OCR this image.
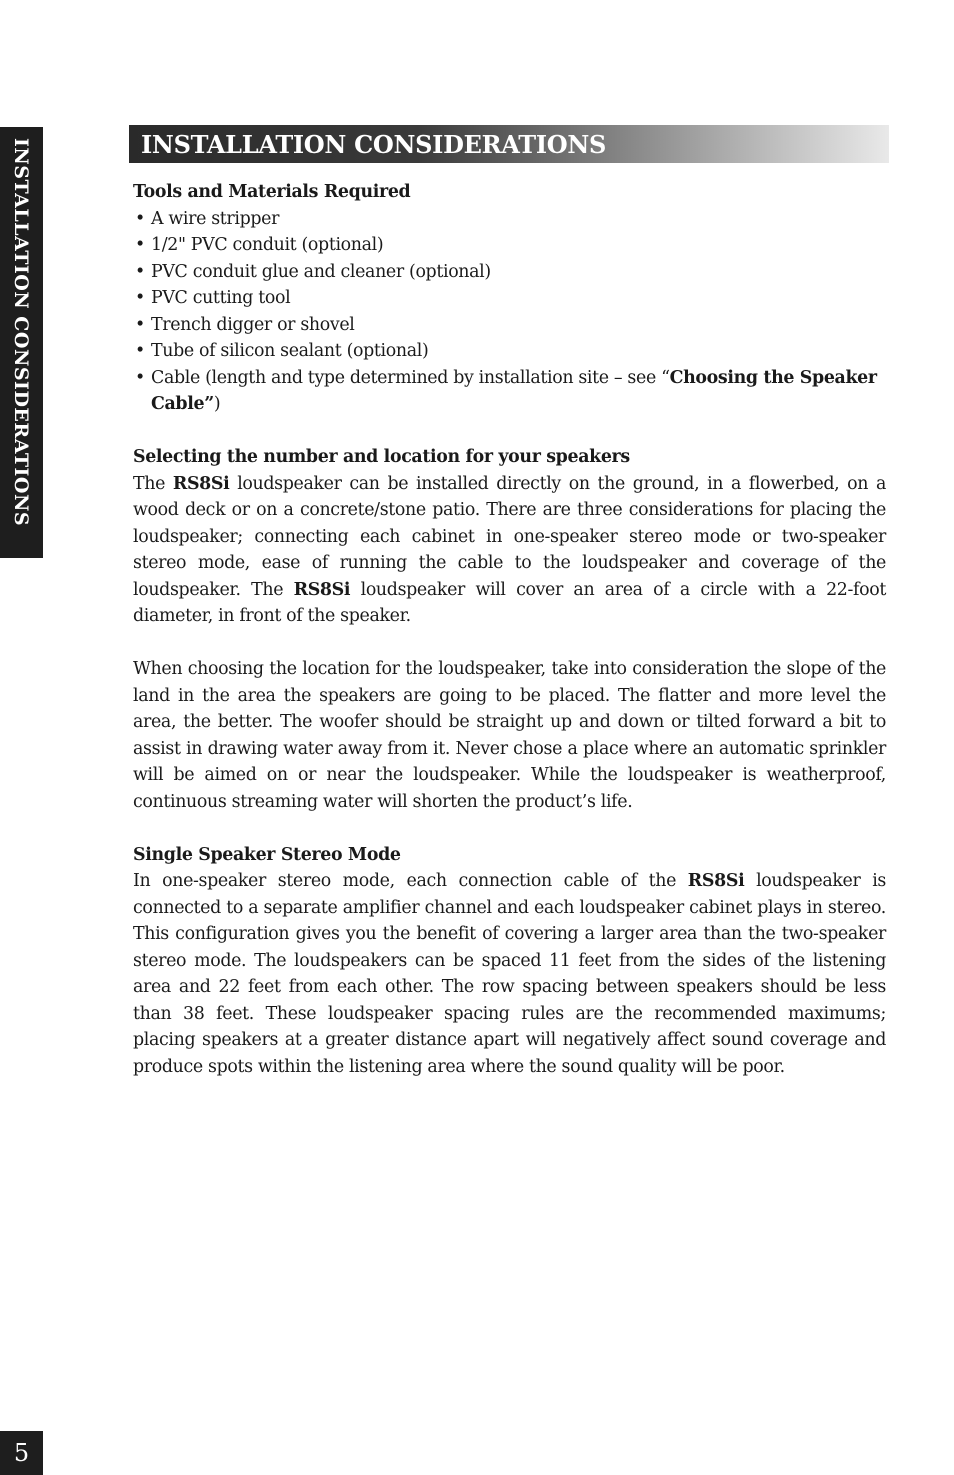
INSTALLATION CONSIDERATIONS	INSTALLATION CONSIDERATIONS
Tools and Materials Required
• A wire stripper
• 1/2" PVC conduit (optional)
• PVC conduit glue and cleaner (optional)
• PVC cutting tool
• Trench digger or shovel
• Tube of silicon sealant (optional)
• Cable (length and type determined by installation site – see “Choosing the Speaker Cable”)
Selecting the number and location for your speakers

The RS8Si loudspeaker can be installed directly on the ground, in a flowerbed, on a wood deck or on a concrete/stone patio. There are three considerations for placing the loudspeaker; connecting each cabinet in one-speaker stereo mode or two-speaker stereo mode, ease of running the cable to the loudspeaker and coverage of the loudspeaker. The RS8Si loudspeaker will cover an area of a circle with a 22-foot diameter, in front of the speaker.

When choosing the location for the loudspeaker, take into consideration the slope of the land in the area the speakers are going to be placed. The flatter and more level the area, the better. The woofer should be straight up and down or tilted forward a bit to assist in drawing water away from it. Never chose a place where an automatic sprinkler will be aimed on or near the loudspeaker. While the loudspeaker is weatherproof, continuous streaming water will shorten the product’s life.

Single Speaker Stereo Mode

In one-speaker stereo mode, each connection cable of the RS8Si loudspeaker is connected to a separate amplifier channel and each loudspeaker cabinet plays in stereo. This configuration gives you the benefit of covering a larger area than the two-speaker stereo mode. The loudspeakers can be spaced 11 feet from the sides of the listening area and 22 feet from each other. The row spacing between speakers should be less than 38 feet. These loudspeaker spacing rules are the recommended maximums; placing speakers at a greater distance apart will negatively affect sound coverage and produce spots within the listening area where the sound quality will be poor.

5
